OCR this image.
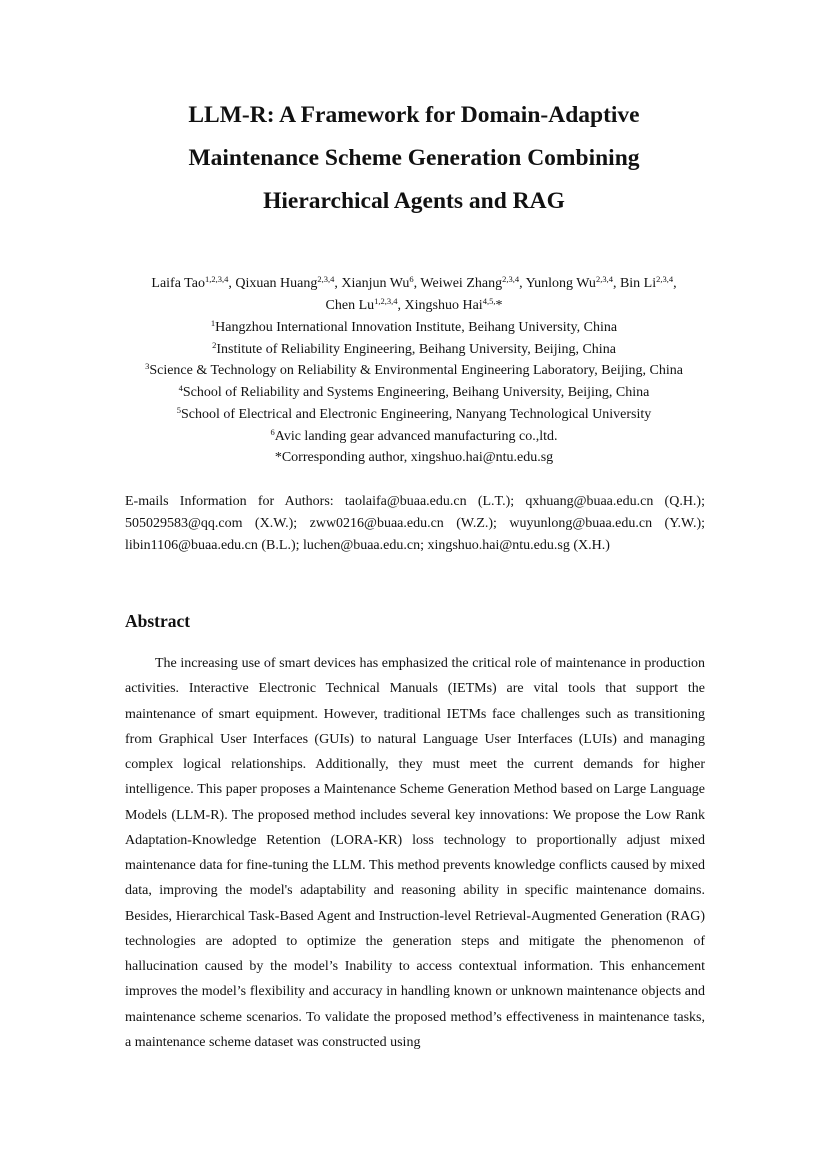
LLM-R: A Framework for Domain-Adaptive
Maintenance Scheme Generation Combining
Hierarchical Agents and RAG
Laifa Tao$^{1,2,3,4}$, Qixuan Huang$^{2,3,4}$, Xianjun Wu$^6$, Weiwei Zhang$^{2,3,4}$, Yunlong Wu$^{2,3,4}$, Bin Li$^{2,3,4}$,
Chen Lu$^{1,2,3,4}$, Xingshuo Hai$^{4,5,}$*
$^1$Hangzhou International Innovation Institute, Beihang University, China
$^2$Institute of Reliability Engineering, Beihang University, Beijing, China
$^3$Science & Technology on Reliability & Environmental Engineering Laboratory, Beijing, China
$^4$School of Reliability and Systems Engineering, Beihang University, Beijing, China
$^5$School of Electrical and Electronic Engineering, Nanyang Technological University
$^6$Avic landing gear advanced manufacturing co.,ltd.
*Corresponding author, xingshuo.hai@ntu.edu.sg
E-mails Information for Authors: taolaifa@buaa.edu.cn (L.T.); qxhuang@buaa.edu.cn (Q.H.); 505029583@qq.com (X.W.); zww0216@buaa.edu.cn (W.Z.); wuyunlong@buaa.edu.cn (Y.W.); libin1106@buaa.edu.cn (B.L.); luchen@buaa.edu.cn; xingshuo.hai@ntu.edu.sg (X.H.)
Abstract
The increasing use of smart devices has emphasized the critical role of maintenance in production activities. Interactive Electronic Technical Manuals (IETMs) are vital tools that support the maintenance of smart equipment. However, traditional IETMs face challenges such as transitioning from Graphical User Interfaces (GUIs) to natural Language User Interfaces (LUIs) and managing complex logical relationships. Additionally, they must meet the current demands for higher intelligence. This paper proposes a Maintenance Scheme Generation Method based on Large Language Models (LLM-R). The proposed method includes several key innovations: We propose the Low Rank Adaptation-Knowledge Retention (LORA-KR) loss technology to proportionally adjust mixed maintenance data for fine-tuning the LLM. This method prevents knowledge conflicts caused by mixed data, improving the model's adaptability and reasoning ability in specific maintenance domains. Besides, Hierarchical Task-Based Agent and Instruction-level Retrieval-Augmented Generation (RAG) technologies are adopted to optimize the generation steps and mitigate the phenomenon of hallucination caused by the model’s Inability to access contextual information. This enhancement improves the model’s flexibility and accuracy in handling known or unknown maintenance objects and maintenance scheme scenarios. To validate the proposed method’s effectiveness in maintenance tasks, a maintenance scheme dataset was constructed using
